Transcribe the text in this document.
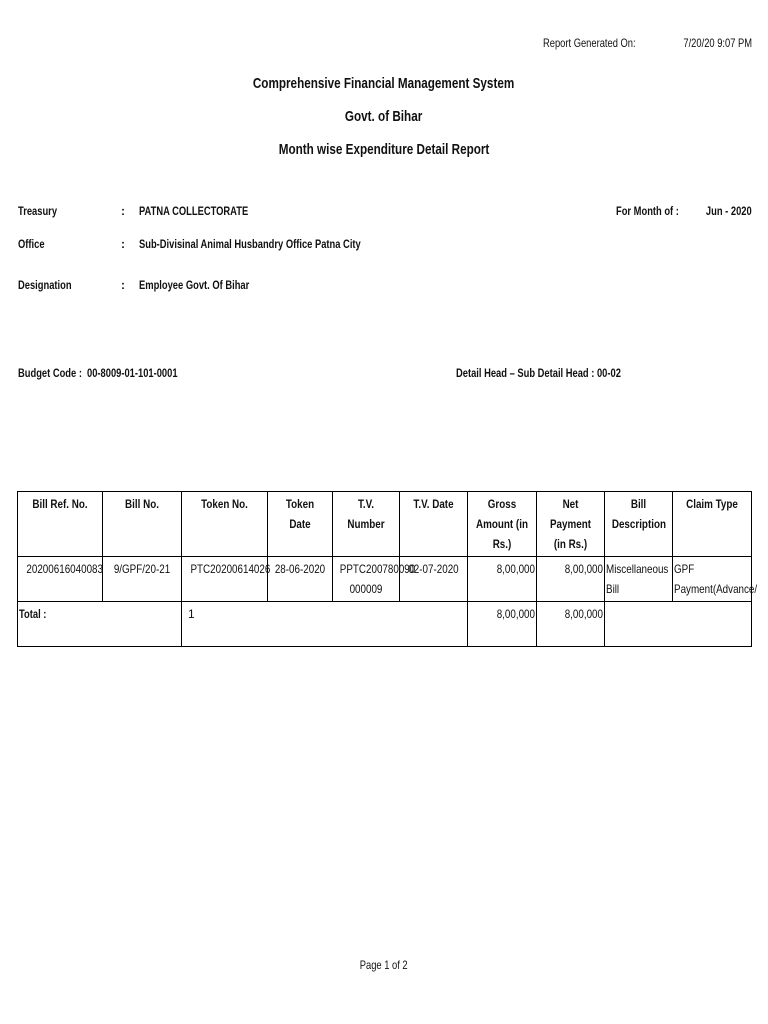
Report Generated On:	7/20/20 9:07 PM
Comprehensive Financial Management System
Govt. of Bihar
Month wise Expenditure Detail Report
Treasury	: PATNA COLLECTORATE	For Month of :	Jun - 2020
Office	: Sub-Divisinal Animal Husbandry Office Patna City
Designation	: Employee Govt. Of Bihar
Budget Code : 00-8009-01-101-0001	Detail Head – Sub Detail Head : 00-02
Bill Ref. No.	Bill No.	Token No.	Token Date	T.V. Number	T.V. Date	Gross Amount (in Rs.)	Net Payment (in Rs.)	Bill Description	Claim Type

20200616040083	9/GPF/20-21	PTC20200614026	28-06-2020	PPTC200780090 000009	02-07-2020	8,00,000	8,00,000	Miscellaneous Bill	GPF Payment(Advance/

Total : 1						8,00,000	8,00,000		

Page 1 of 2
